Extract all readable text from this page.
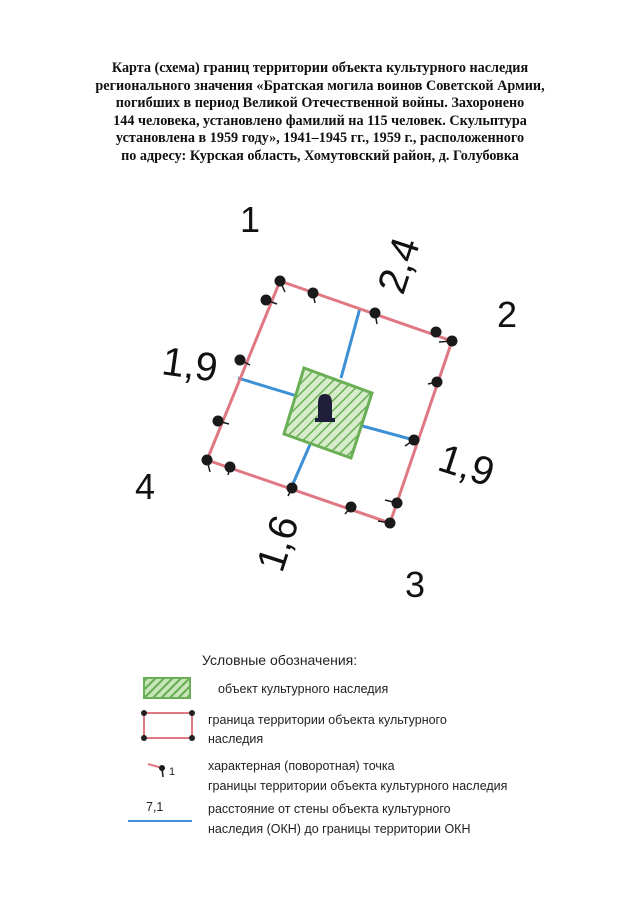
Карта (схема) границ территории объекта культурного наследия
регионального значения «Братская могила воинов Советской Армии,
погибших в период Великой Отечественной войны. Захоронено
144 человека, установлено фамилий на 115 человек. Скульптура
установлена в 1959 году», 1941–1945 гг., 1959 г., расположенного
по адресу: Курская область, Хомутовский район, д. Голубовка
1
2
3
4
2,4
1,9
1,9
1,6
Условные обозначения:
объект культурного наследия
граница территории объекта культурного
наследия
1	характерная (поворотная) точка
границы территории объекта культурного наследия
7,1	расстояние от стены объекта культурного
наследия (ОКН) до границы территории ОКН
